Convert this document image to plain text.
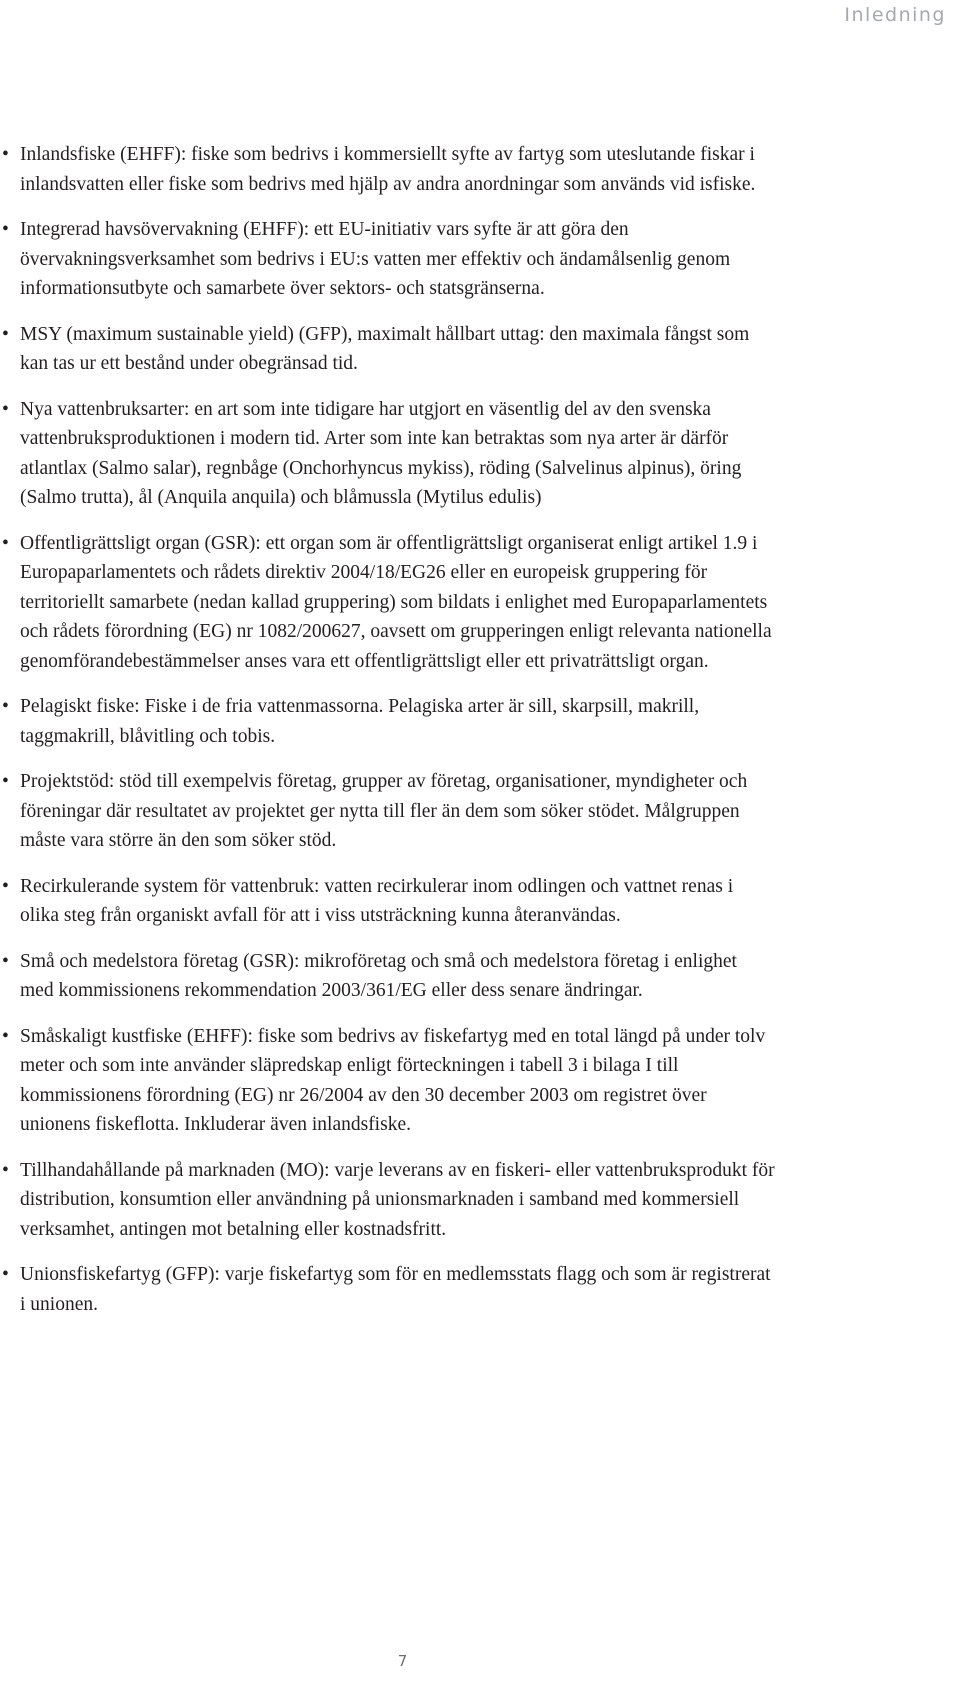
Inledning
• Inlandsfiske (EHFF): fiske som bedrivs i kommersiellt syfte av fartyg som uteslutande fiskar i inlandsvatten eller fiske som bedrivs med hjälp av andra anordningar som används vid isfiske.
• Integrerad havsövervakning (EHFF): ett EU-initiativ vars syfte är att göra den övervakningsverksamhet som bedrivs i EU:s vatten mer effektiv och ändamålsenlig genom informationsutbyte och samarbete över sektors- och statsgränserna.
• MSY (maximum sustainable yield) (GFP), maximalt hållbart uttag: den maximala fångst som kan tas ur ett bestånd under obegränsad tid.
• Nya vattenbruksarter: en art som inte tidigare har utgjort en väsentlig del av den svenska vattenbruksproduktionen i modern tid. Arter som inte kan betraktas som nya arter är därför atlantlax (Salmo salar), regnbåge (Onchorhyncus mykiss), röding (Salvelinus alpinus), öring (Salmo trutta), ål (Anquila anquila) och blåmussla (Mytilus edulis)
• Offentligrättsligt organ (GSR): ett organ som är offentligrättsligt organiserat enligt artikel 1.9 i Europaparlamentets och rådets direktiv 2004/18/EG26 eller en europeisk gruppering för territoriellt samarbete (nedan kallad gruppering) som bildats i enlighet med Europaparlamentets och rådets förordning (EG) nr 1082/200627, oavsett om grupperingen enligt relevanta nationella genomförandebestämmelser anses vara ett offentligrättsligt eller ett privaträttsligt organ.
• Pelagiskt fiske: Fiske i de fria vattenmassorna. Pelagiska arter är sill, skarpsill, makrill, taggmakrill, blåvitling och tobis.
• Projektstöd: stöd till exempelvis företag, grupper av företag, organisationer, myndigheter och föreningar där resultatet av projektet ger nytta till fler än dem som söker stödet. Målgruppen måste vara större än den som söker stöd.
• Recirkulerande system för vattenbruk: vatten recirkulerar inom odlingen och vattnet renas i olika steg från organiskt avfall för att i viss utsträckning kunna återanvändas.
• Små och medelstora företag (GSR): mikroföretag och små och medelstora företag i enlighet med kommissionens rekommendation 2003/361/EG eller dess senare ändringar.
• Småskaligt kustfiske (EHFF): fiske som bedrivs av fiskefartyg med en total längd på under tolv meter och som inte använder släpredskap enligt förteckningen i tabell 3 i bilaga I till kommissionens förordning (EG) nr 26/2004 av den 30 december 2003 om registret över unionens fiskeflotta. Inkluderar även inlandsfiske.
• Tillhandahållande på marknaden (MO): varje leverans av en fiskeri- eller vattenbruksprodukt för distribution, konsumtion eller användning på unionsmarknaden i samband med kommersiell verksamhet, antingen mot betalning eller kostnadsfritt.
• Unionsfiskefartyg (GFP): varje fiskefartyg som för en medlemsstats flagg och som är registrerat i unionen.
7
